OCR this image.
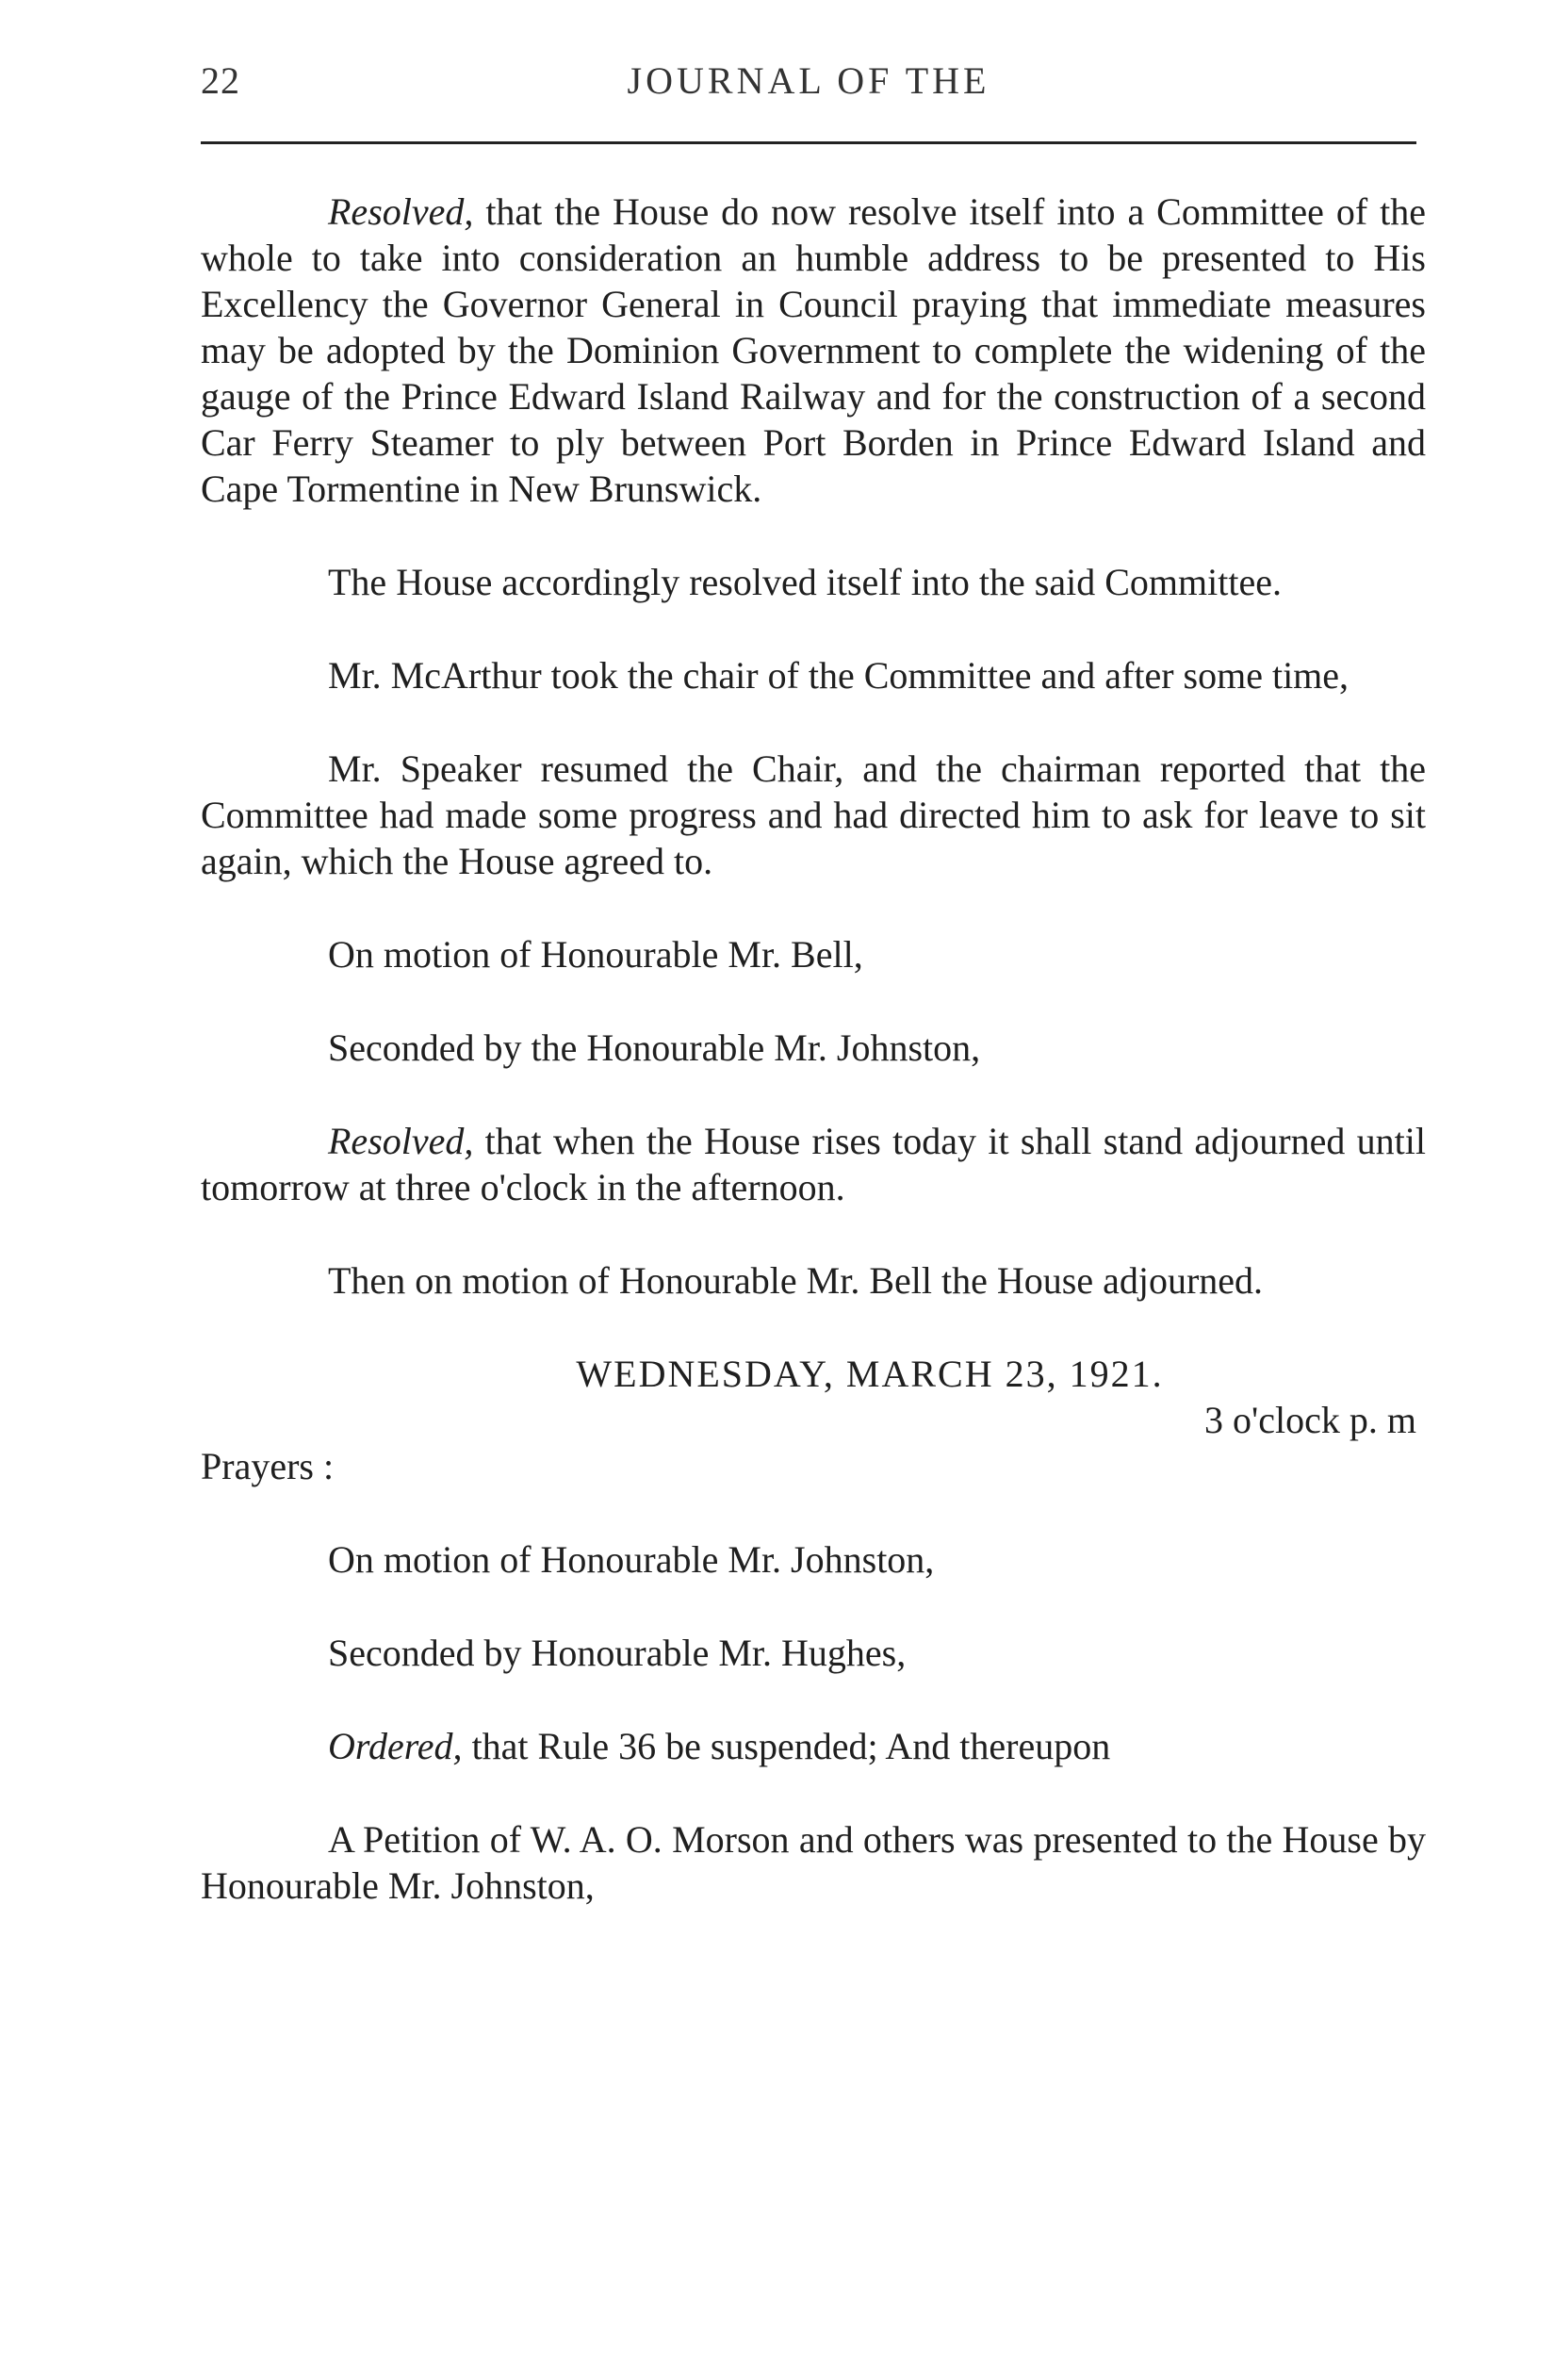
22	JOURNAL OF THE

Resolved, that the House do now resolve itself into a Committee of the whole to take into consideration an humble address to be presented to His Excellency the Governor General in Council praying that immediate measures may be adopted by the Dominion Government to complete the widening of the gauge of the Prince Edward Island Railway and for the construction of a second Car Ferry Steamer to ply between Port Borden in Prince Edward Island and Cape Tormentine in New Brunswick.

The House accordingly resolved itself into the said Committee.

Mr. McArthur took the chair of the Committee and after some time,

Mr. Speaker resumed the Chair, and the chairman reported that the Committee had made some progress and had directed him to ask for leave to sit again, which the House agreed to.

On motion of Honourable Mr. Bell,

Seconded by the Honourable Mr. Johnston,

Resolved, that when the House rises today it shall stand adjourned until tomorrow at three o'clock in the afternoon.

Then on motion of Honourable Mr. Bell the House adjourned.

WEDNESDAY, MARCH 23, 1921.

3 o'clock p. m

Prayers :

On motion of Honourable Mr. Johnston,

Seconded by Honourable Mr. Hughes,

Ordered, that Rule 36 be suspended; And thereupon

A Petition of W. A. O. Morson and others was presented to the House by Honourable Mr. Johnston,
